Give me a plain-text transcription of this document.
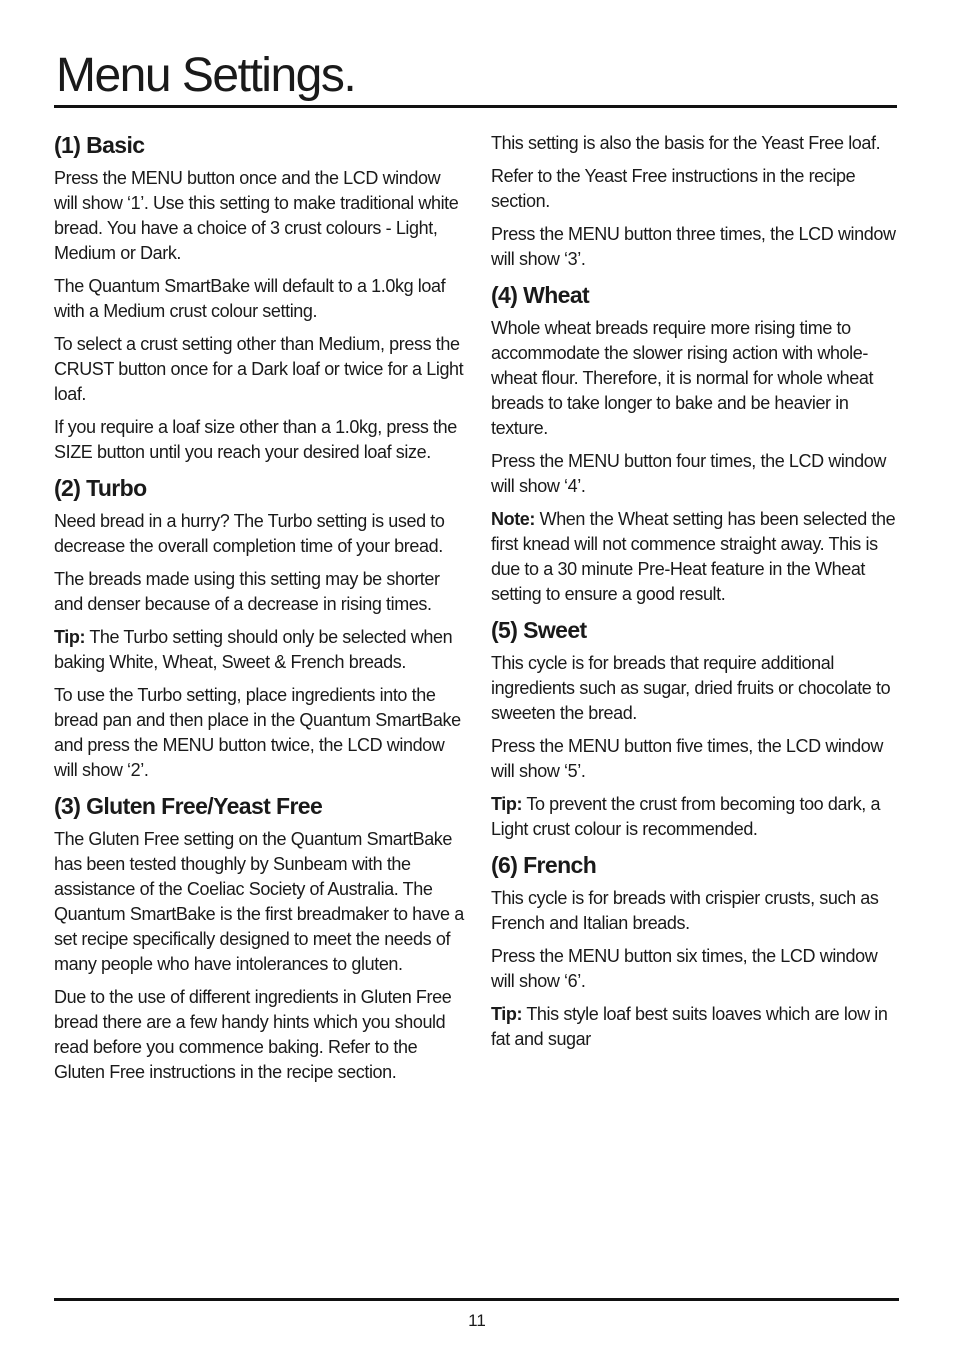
Menu Settings.
(1) Basic

Press the MENU button once and the LCD window will show ‘1’. Use this setting to make traditional white bread. You have a choice of 3 crust colours - Light, Medium or Dark.

The Quantum SmartBake will default to a 1.0kg loaf with a Medium crust colour setting.

To select a crust setting other than Medium, press the CRUST button once for a Dark loaf or twice for a Light loaf.

If you require a loaf size other than a 1.0kg, press the SIZE button until you reach your desired loaf size.

(2) Turbo

Need bread in a hurry? The Turbo setting is used to decrease the overall completion time of your bread.

The breads made using this setting may be shorter and denser because of a decrease in rising times.

Tip: The Turbo setting should only be selected when baking White, Wheat, Sweet & French breads.

To use the Turbo setting, place ingredients into the bread pan and then place in the Quantum SmartBake and press the MENU button twice, the LCD window will show ‘2’.

(3) Gluten Free/Yeast Free

The Gluten Free setting on the Quantum SmartBake has been tested thoughly by Sunbeam with the assistance of the Coeliac Society of Australia. The Quantum SmartBake is the first breadmaker to have a set recipe specifically designed to meet the needs of many people who have intolerances to gluten.

Due to the use of different ingredients in Gluten Free bread there are a few handy hints which you should read before you commence baking. Refer to the Gluten Free instructions in the recipe section.

This setting is also the basis for the Yeast Free loaf.

Refer to the Yeast Free instructions in the recipe section.

Press the MENU button three times, the LCD window will show ‘3’.

(4) Wheat

Whole wheat breads require more rising time to accommodate the slower rising action with whole-wheat flour. Therefore, it is normal for whole wheat breads to take longer to bake and be heavier in texture.

Press the MENU button four times, the LCD window will show ‘4’.

Note: When the Wheat setting has been selected the first knead will not commence straight away. This is due to a 30 minute Pre-Heat feature in the Wheat setting to ensure a good result.

(5) Sweet

This cycle is for breads that require additional ingredients such as sugar, dried fruits or chocolate to sweeten the bread.

Press the MENU button five times, the LCD window will show ‘5’.

Tip: To prevent the crust from becoming too dark, a Light crust colour is recommended.

(6) French

This cycle is for breads with crispier crusts, such as French and Italian breads.

Press the MENU button six times, the LCD window will show ‘6’.

Tip: This style loaf best suits loaves which are low in fat and sugar

11
